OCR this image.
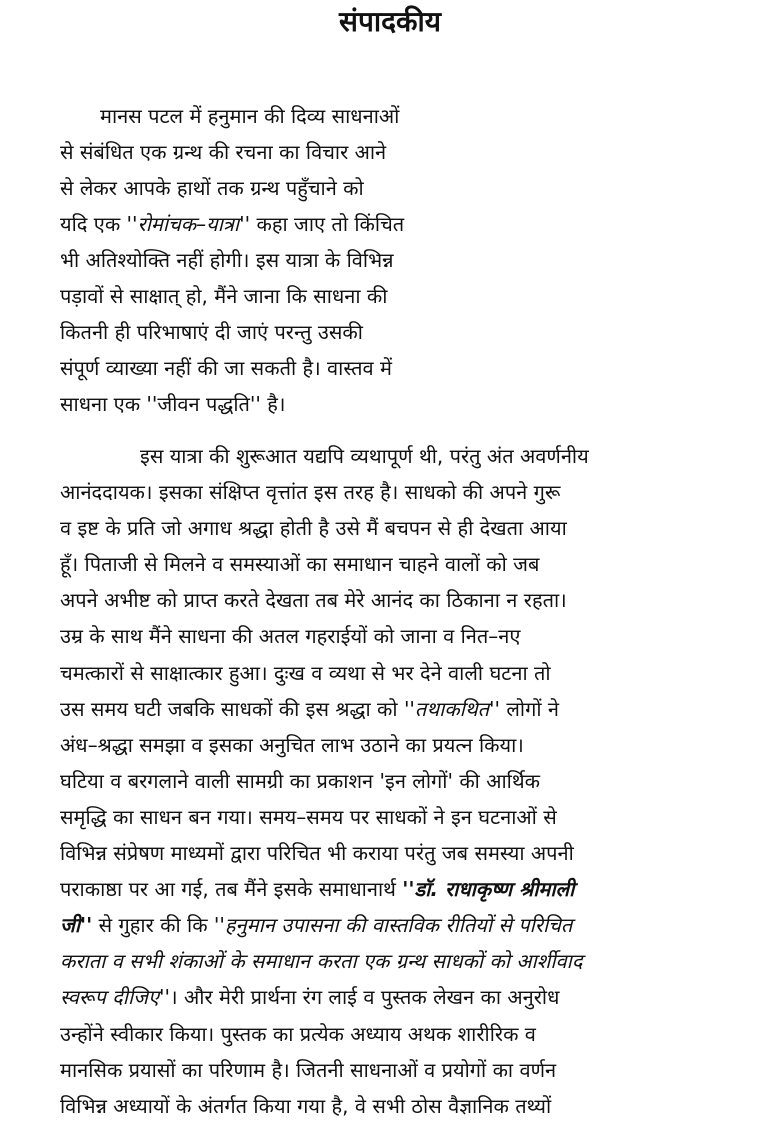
संपादकीय
मानस पटल में हनुमान की दिव्य साधनाओं
से संबंधित एक ग्रन्थ की रचना का विचार आने
से लेकर आपके हाथों तक ग्रन्थ पहुँचाने को
यदि एक ''रोमांचक–यात्रा'' कहा जाए तो किंचित
भी अतिश्योक्ति नहीं होगी। इस यात्रा के विभिन्न
पड़ावों से साक्षात् हो, मैंने जाना कि साधना की
कितनी ही परिभाषाएं दी जाएं परन्तु उसकी
संपूर्ण व्याख्या नहीं की जा सकती है। वास्तव में
साधना एक ''जीवन पद्धति'' है।
इस यात्रा की शुरूआत यद्यपि व्यथापूर्ण थी, परंतु अंत अवर्णनीय
आनंददायक। इसका संक्षिप्त वृत्तांत इस तरह है। साधको की अपने गुरू
व इष्ट के प्रति जो अगाध श्रद्धा होती है उसे मैं बचपन से ही देखता आया
हूँ। पिताजी से मिलने व समस्याओं का समाधान चाहने वालों को जब
अपने अभीष्ट को प्राप्त करते देखता तब मेरे आनंद का ठिकाना न रहता।
उम्र के साथ मैंने साधना की अतल गहराईयों को जाना व नित–नए
चमत्कारों से साक्षात्कार हुआ। दुःख व व्यथा से भर देने वाली घटना तो
उस समय घटी जबकि साधकों की इस श्रद्धा को ''तथाकथित'' लोगों ने
अंध–श्रद्धा समझा व इसका अनुचित लाभ उठाने का प्रयत्न किया।
घटिया व बरगलाने वाली सामग्री का प्रकाशन 'इन लोगों' की आर्थिक
समृद्धि का साधन बन गया। समय–समय पर साधकों ने इन घटनाओं से
विभिन्न संप्रेषण माध्यमों द्वारा परिचित भी कराया परंतु जब समस्या अपनी
पराकाष्ठा पर आ गई, तब मैंने इसके समाधानार्थ ''डॉ. राधाकृष्ण श्रीमाली
जी'' से गुहार की कि ''हनुमान उपासना की वास्तविक रीतियों से परिचित
कराता व सभी शंकाओं के समाधान करता एक ग्रन्थ साधकों को आर्शीवाद
स्वरूप दीजिए''। और मेरी प्रार्थना रंग लाई व पुस्तक लेखन का अनुरोध
उन्होंने स्वीकार किया। पुस्तक का प्रत्येक अध्याय अथक शारीरिक व
मानसिक प्रयासों का परिणाम है। जितनी साधनाओं व प्रयोगों का वर्णन
विभिन्न अध्यायों के अंतर्गत किया गया है, वे सभी ठोस वैज्ञानिक तथ्यों
